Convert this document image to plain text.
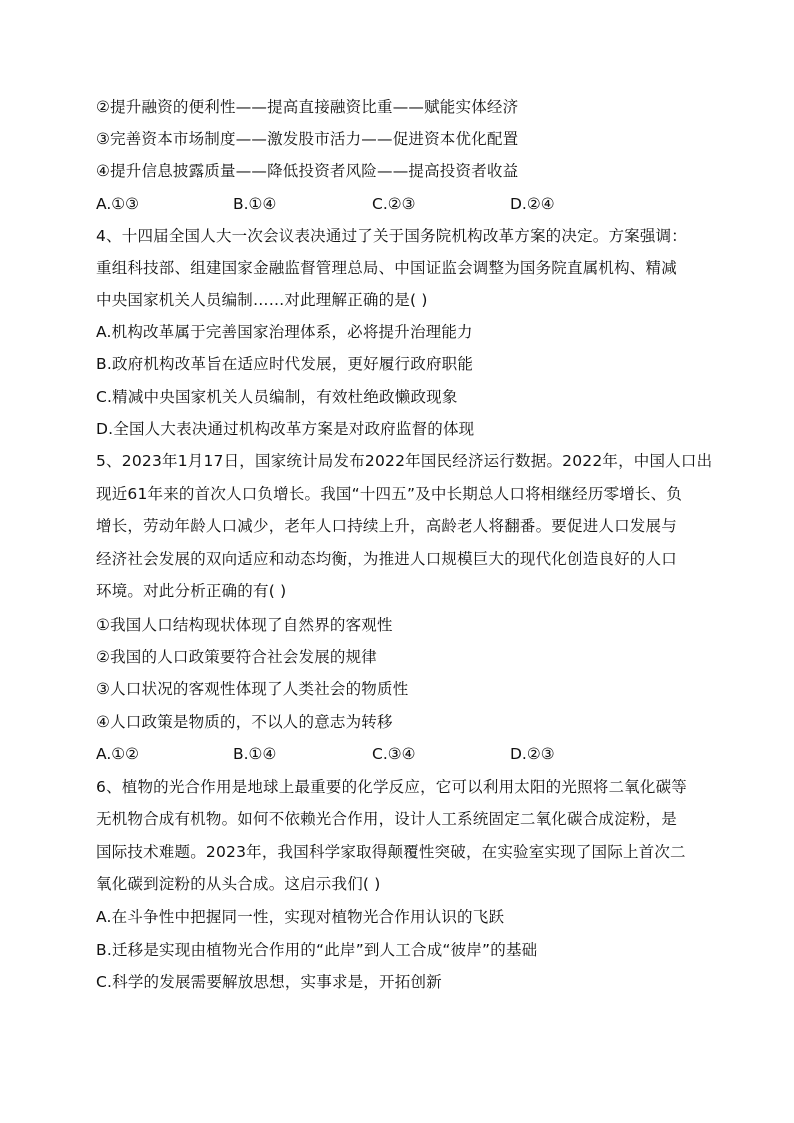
②提升融资的便利性——提高直接融资比重——赋能实体经济
③完善资本市场制度——激发股市活力——促进资本优化配置
④提升信息披露质量——降低投资者风险——提高投资者收益
A.①③	B.①④	C.②③	D.②④
4、十四届全国人大一次会议表决通过了关于国务院机构改革方案的决定。方案强调：
重组科技部、组建国家金融监督管理总局、中国证监会调整为国务院直属机构、精减
中央国家机关人员编制……对此理解正确的是( )
A.机构改革属于完善国家治理体系，必将提升治理能力
B.政府机构改革旨在适应时代发展，更好履行政府职能
C.精减中央国家机关人员编制，有效杜绝政懒政现象
D.全国人大表决通过机构改革方案是对政府监督的体现
5、2023年1月17日，国家统计局发布2022年国民经济运行数据。2022年，中国人口出
现近61年来的首次人口负增长。我国“十四五”及中长期总人口将相继经历零增长、负
增长，劳动年龄人口减少，老年人口持续上升，高龄老人将翻番。要促进人口发展与
经济社会发展的双向适应和动态均衡，为推进人口规模巨大的现代化创造良好的人口
环境。对此分析正确的有( )
①我国人口结构现状体现了自然界的客观性
②我国的人口政策要符合社会发展的规律
③人口状况的客观性体现了人类社会的物质性
④人口政策是物质的，不以人的意志为转移
A.①②	B.①④	C.③④	D.②③
6、植物的光合作用是地球上最重要的化学反应，它可以利用太阳的光照将二氧化碳等
无机物合成有机物。如何不依赖光合作用，设计人工系统固定二氧化碳合成淀粉，是
国际技术难题。2023年，我国科学家取得颠覆性突破，在实验室实现了国际上首次二
氧化碳到淀粉的从头合成。这启示我们( )
A.在斗争性中把握同一性，实现对植物光合作用认识的飞跃
B.迁移是实现由植物光合作用的“此岸”到人工合成“彼岸”的基础
C.科学的发展需要解放思想，实事求是，开拓创新
